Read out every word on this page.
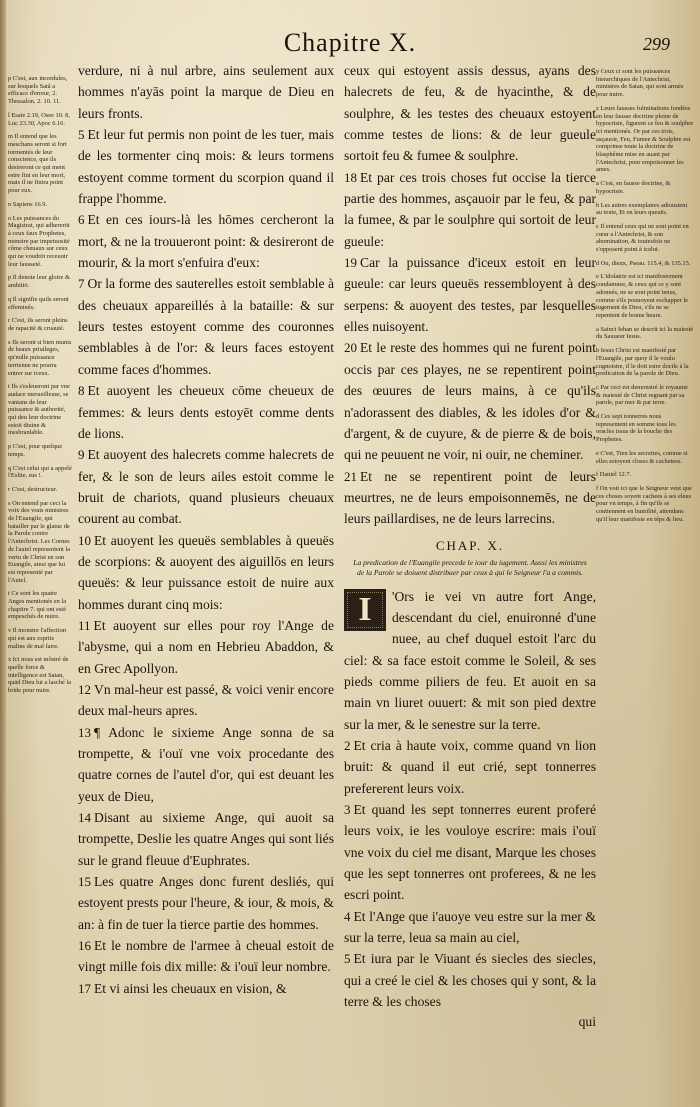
Chapitre X.	299

p C'est, aux incredules, sur lesquels Satã a efficace d'erreur, 2. Thessalon. 2. 10. 11.

l Esaie 2.19, Osee 10. 8, Luc 23.30, Apoc 6.16.

m Il entend que les meschans seront si fort tormentés de leur conscience, que ils desireront ce qui ment estre fini en leur mort, mais il ne finira point pour eux.

n Sapiens 16.9.

o Les puissances du Magistrat, qui adhererōt à ceux faux Prophetes, monstre par impetuosité côme cheuaux sur ceux qui ne voudrōt receuoir leur fausseté.

p Il denote leur gloire & ambitiō.

q Il signifie quils seront effeminés.

r C'est, ils seront pleins de rapacité & cruauté.

s Ils seront si bien munis de beaux priuileges, qu'nulle puissance terrienne ne pourra entrer sur iceux.

t Ils s'esleueront par vne audace merueilleuse, se vantans de leur puissance & authorité, qui deu leur doctrine estoit diuine & inesbranlable.

p C'est, pour quelque temps.

q C'est celui qui a appelé l'Eslite, sus !.

r C'est, destructeur.

s On entend par ceci la voix des vrais ministres de l'Euangile, qui batailler par le glaiue de la Parole contre l'Antechrist. Les Cornes de l'autel representent la vertu de Christ en son Euangile, ainsi que lui est representé par l'Autel.

t Ce sont les quatre Anges mentionés en la chapitre 7. qui ont esté empeschés de nuire.

v Il monstre l'affection qui est aux esprits malins de mal faire.

x Ici nous est môstré de quelle force & intelligence est Satan, quād Dieu lui a lasché la bride pour nuire.

verdure, ni à nul arbre, ains seulement aux hommes n'ayās point la marque de Dieu en leurs fronts.

5 Et leur fut permis non point de les tuer, mais de les tormenter cinq mois: & leurs tormens estoyent comme torment du scorpion quand il frappe l'homme.

6 Et en ces iours-là les hōmes cercheront la mort, & ne la trouueront point: & desireront de mourir, & la mort s'enfuira d'eux:

7 Or la forme des sauterelles estoit semblable à des cheuaux appareillés à la bataille: & sur leurs testes estoyent comme des couronnes semblables à de l'or: & leurs faces estoyent comme faces d'hommes.

8 Et auoyent les cheueux cōme cheueux de femmes: & leurs dents estoyēt comme dents de lions.

9 Et auoyent des halecrets comme halecrets de fer, & le son de leurs ailes estoit comme le bruit de chariots, quand plusieurs cheuaux courent au combat.

10 Et auoyent les queuës semblables à queuës de scorpions: & auoyent des aiguillōs en leurs queuës: & leur puissance estoit de nuire aux hommes durant cinq mois:

11 Et auoyent sur elles pour roy l'Ange de l'abysme, qui a nom en Hebrieu Abaddon, & en Grec Apollyon.

12 Vn mal-heur est passé, & voici venir encore deux mal-heurs apres.

13 ¶ Adonc le sixieme Ange sonna de sa trompette, & i'ouï vne voix procedante des quatre cornes de l'autel d'or, qui est deuant les yeux de Dieu,

14 Disant au sixieme Ange, qui auoit sa trompette, Deslie les quatre Anges qui sont liés sur le grand fleuue d'Euphrates.

15 Les quatre Anges donc furent desliés, qui estoyent prests pour l'heure, & iour, & mois, & an: à fin de tuer la tierce partie des hommes.

16 Et le nombre de l'armee à cheual estoit de vingt mille fois dix mille: & i'ouï leur nombre.

17 Et vi ainsi les cheuaux en vision, &

ceux qui estoyent assis dessus, ayans des halecrets de feu, & de hyacinthe, & de soulphre, & les testes des cheuaux estoyent comme testes de lions: & de leur gueule sortoit feu & fumee & soulphre.

18 Et par ces trois choses fut occise la tierce partie des hommes, asçauoir par le feu, & par la fumee, & par le soulphre qui sortoit de leur gueule:

19 Car la puissance d'iceux estoit en leur gueule: car leurs queuës ressembloyent à des serpens: & auoyent des testes, par lesquelles elles nuisoyent.

20 Et le reste des hommes qui ne furent point occis par ces playes, ne se repentirent point des œuures de leurs mains, à ce qu'ils n'adorassent des diables, & les idoles d'or & d'argent, & de cuyure, & de pierre & de bois, qui ne peuuent ne voir, ni ouir, ne cheminer.

21 Et ne se repentirent point de leurs meurtres, ne de leurs empoisonnemēs, ne de leurs paillardises, ne de leurs larrecins.

CHAP. X.
La predication de l'Euangile precede le iour du iugement. Aussi les ministres de la Parole se doiuent distribuer par ceux à qui le Seigneur l'a a commis.
I	'Ors ie vei vn autre fort Ange, descendant du ciel, enuironné d'une nuee, au chef duquel estoit l'arc du ciel: & sa face estoit comme le Soleil, & ses pieds comme piliers de feu. Et auoit en sa main vn liuret ouuert: & mit son pied dextre sur la mer, & le senestre sur la terre.

2 Et cria à haute voix, comme quand vn lion bruit: & quand il eut crié, sept tonnerres prefererent leurs voix.

3 Et quand les sept tonnerres eurent proferé leurs voix, ie les vouloye escrire: mais i'ouï vne voix du ciel me disant, Marque les choses que les sept tonnerres ont proferees, & ne les escri point.

4 Et l'Ange que i'auoye veu estre sur la mer & sur la terre, leua sa main au ciel,

5 Et iura par le Viuant és siecles des siecles, qui a creé le ciel & les choses qui y sont, & la terre & les choses

qui

y Ceux ci sont les puissances hierarchiques de l'Antechrist, ministres de Satan, qui sont armés pour nuire.

z Leurs fausses fulminations fondées en leur fausse doctrine pleine de hypocrisie, figurent ce feu & soulphre ici mentionés. Or par ces trois, asçauoir, Feu, Fumee & Soulphre est comprinse toute la doctrine de blasphême mise en auant par l'Antechrist, pour empoisonner les ames.

a C'est, en fausse doctrine, & hypocrisie.

b Les autres exemplaires adioustent au texte, Et en leurs queuës.

c Il entend ceux qui ne sont point en cœur a l'Antechrist, & son abomination, & toutesfois ne s'opposent point à icelui.

d Ou, dieux, Pseau. 115.4, & 135.15.

e L'idolatrie est ici manifestement condamnee, & ceux qui ce y sont adonnés, ne se sont point tenus, comme s'ils pouuoyent eschapper le iugement de Dieu, s'ils ne se repentent de bonne heure.

a Sainct Iehan se descrit ici la maiesté du Sauueur Iesus.

b Iesus Christ est manifesté par l'Euangile, par quoy il le voulu cognoistre, il le doit estre docile à la predication de la parole de Dieu.

c Par ceci est demonstré le royaume & maiesté de Christ regnant par sa parole, par mer & par terre.

d Ces sept tonnerres nous representent en somme tous les oracles issus de la bouche des Prophetes.

e C'est, Tien les secrettes, comme si elles estoyent closes & cachetees.

f Daniel 12.7.

f On voit ici que le Seigneur veut que ces choses soyent cachees à ses eleus pour vn temps, à fin qu'ils se contiennent en humilité, attendans qu'il leur manifeste en têps & lieu.
